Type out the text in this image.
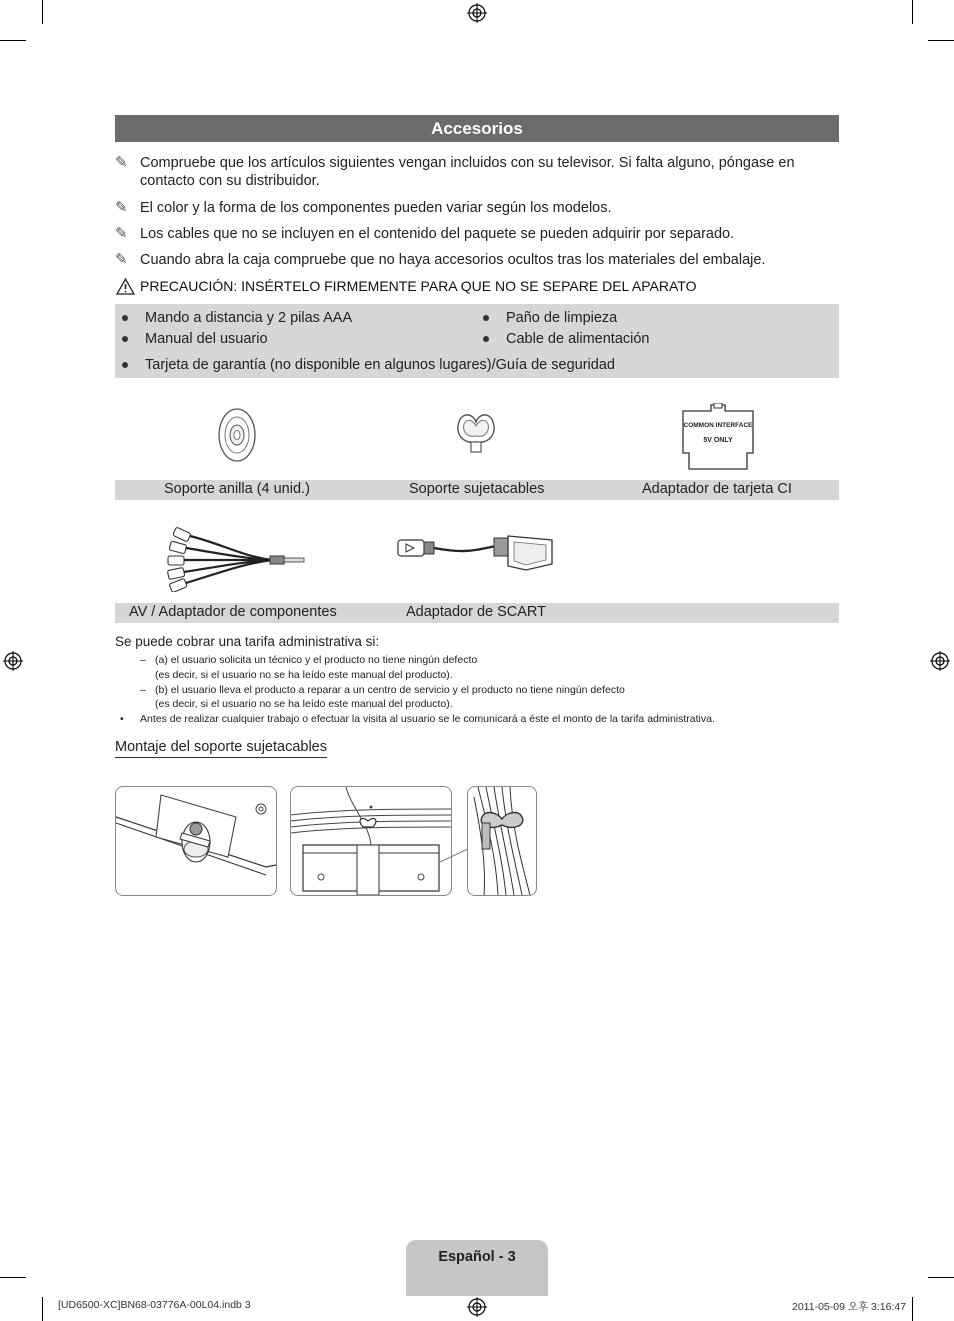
Accesorios
✎ Compruebe que los artículos siguientes vengan incluidos con su televisor. Si falta alguno, póngase en contacto con su distribuidor.
✎ El color y la forma de los componentes pueden variar según los modelos.
✎ Los cables que no se incluyen en el contenido del paquete se pueden adquirir por separado.
✎ Cuando abra la caja compruebe que no haya accesorios ocultos tras los materiales del embalaje.
PRECAUCIÓN: INSÉRTELO FIRMEMENTE PARA QUE NO SE SEPARE DEL APARATO
Mando a distancia y 2 pilas AAA
Manual del usuario
Paño de limpieza
Cable de alimentación
Tarjeta de garantía (no disponible en algunos lugares)/Guía de seguridad
COMMON INTERFACE
5V ONLY
Soporte anilla (4 unid.)	Soporte sujetacables	Adaptador de tarjeta CI
AV / Adaptador de componentes	Adaptador de SCART
Se puede cobrar una tarifa administrativa si:
– (a) el usuario solicita un técnico y el producto no tiene ningún defecto
(es decir, si el usuario no se ha leído este manual del producto).
– (b) el usuario lleva el producto a reparar a un centro de servicio y el producto no tiene ningún defecto
(es decir, si el usuario no se ha leído este manual del producto).
• Antes de realizar cualquier trabajo o efectuar la visita al usuario se le comunicará a éste el monto de la tarifa administrativa.
Montaje del soporte sujetacables
Español - 3
[UD6500-XC]BN68-03776A-00L04.indb 3	2011-05-09 오후 3:16:47
